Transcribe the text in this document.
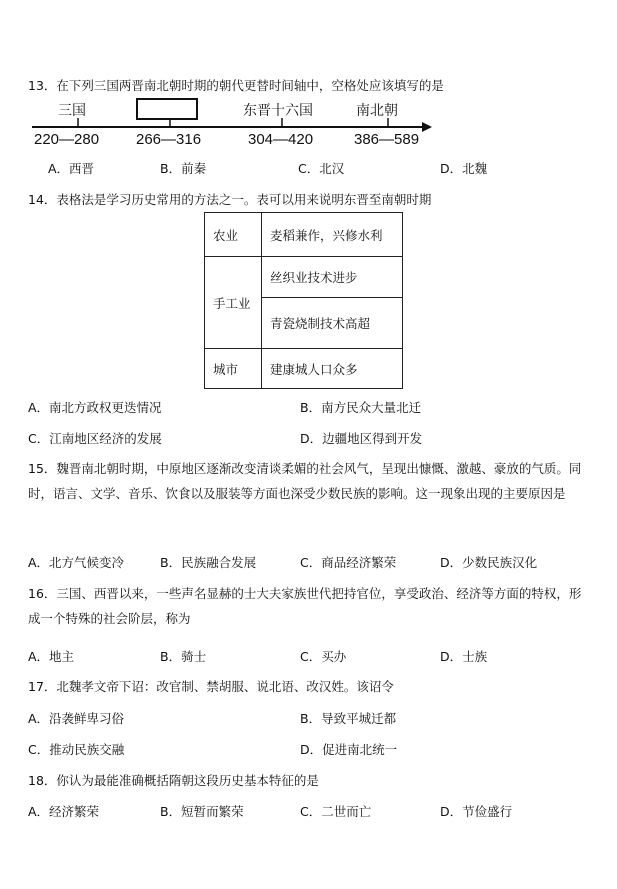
13．在下列三国两晋南北朝时期的朝代更替时间轴中，空格处应该填写的是
三国	东晋十六国	南北朝
220—280 266—316	304—420	386—589
A．西晋	B．前秦	C．北汉	D．北魏
14．表格法是学习历史常用的方法之一。表可以用来说明东晋至南朝时期
农业	麦稻兼作，兴修水利
手工业	丝织业技术进步
	青瓷烧制技术高超
城市	建康城人口众多
A．南北方政权更迭情况	B．南方民众大量北迁
C．江南地区经济的发展	D．边疆地区得到开发
15．魏晋南北朝时期，中原地区逐渐改变清谈柔媚的社会风气，呈现出慷慨、激越、豪放的气质。同时，语言、文学、音乐、饮食以及服装等方面也深受少数民族的影响。这一现象出现的主要原因是
A．北方气候变冷	B．民族融合发展	C．商品经济繁荣	D．少数民族汉化
16．三国、西晋以来，一些声名显赫的士大夫家族世代把持官位，享受政治、经济等方面的特权，形成一个特殊的社会阶层，称为
A．地主	B．骑士	C．买办	D．士族
17．北魏孝文帝下诏：改官制、禁胡服、说北语、改汉姓。该诏令
A．沿袭鲜卑习俗	B．导致平城迁都
C．推动民族交融	D．促进南北统一
18．你认为最能准确概括隋朝这段历史基本特征的是
A．经济繁荣	B．短暂而繁荣	C．二世而亡	D．节俭盛行
